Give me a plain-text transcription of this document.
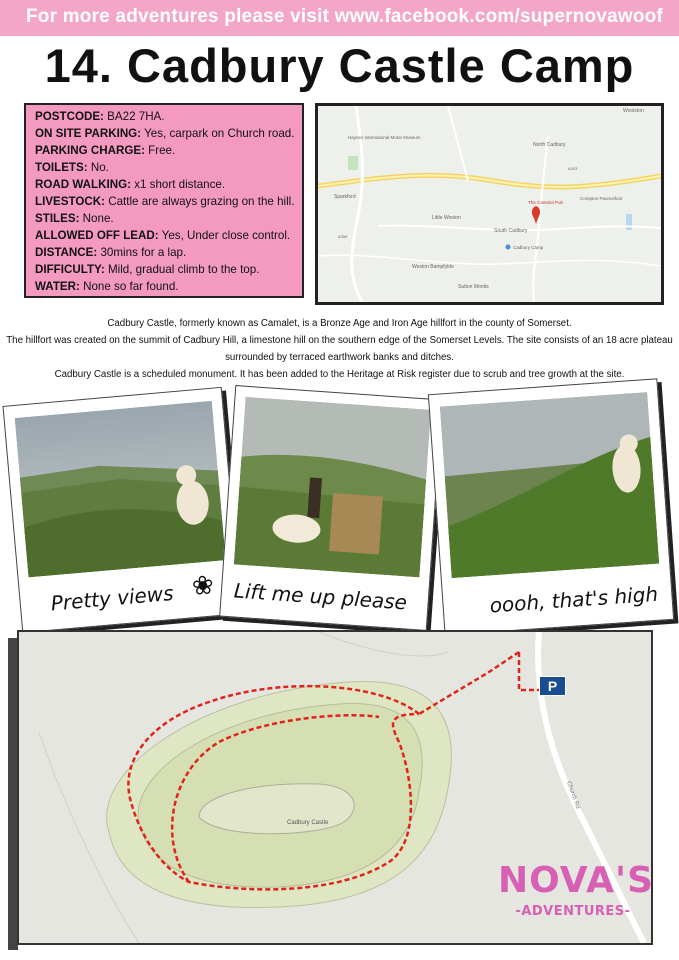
For more adventures please visit www.facebook.com/supernovawoof
14. Cadbury Castle Camp
POSTCODE: BA22 7HA.
ON SITE PARKING: Yes, carpark on Church road.
PARKING CHARGE: Free.
TOILETS: No.
ROAD WALKING: x1 short distance.
LIVESTOCK: Cattle are always grazing on the hill.
STILES: None.
ALLOWED OFF LEAD: Yes, Under close control.
DISTANCE: 30mins for a lap.
DIFFICULTY: Mild, gradual climb to the top.
WATER: None so far found.
Woolston
Haynes International Motor Museum
North Cadbury
Sparkford
The Camelot Pub
Compton Pauncefoot
Little Weston
South Cadbury
Cadbury Camp
Weston Bampfylde
Sutton Montis
A303
A359
Cadbury Castle, formerly known as Camalet, is a Bronze Age and Iron Age hillfort in the county of Somerset.
The hillfort was created on the summit of Cadbury Hill, a limestone hill on the southern edge of the Somerset Levels. The site consists of an 18 acre plateau surrounded by terraced earthwork banks and ditches.
Cadbury Castle is a scheduled monument. It has been added to the Heritage at Risk register due to scrub and tree growth at the site.
Pretty views ❀ Lift me up please	oooh, that's high
Cadbury Castle
Church Rd
P
NOVA'S
-ADVENTURES-
